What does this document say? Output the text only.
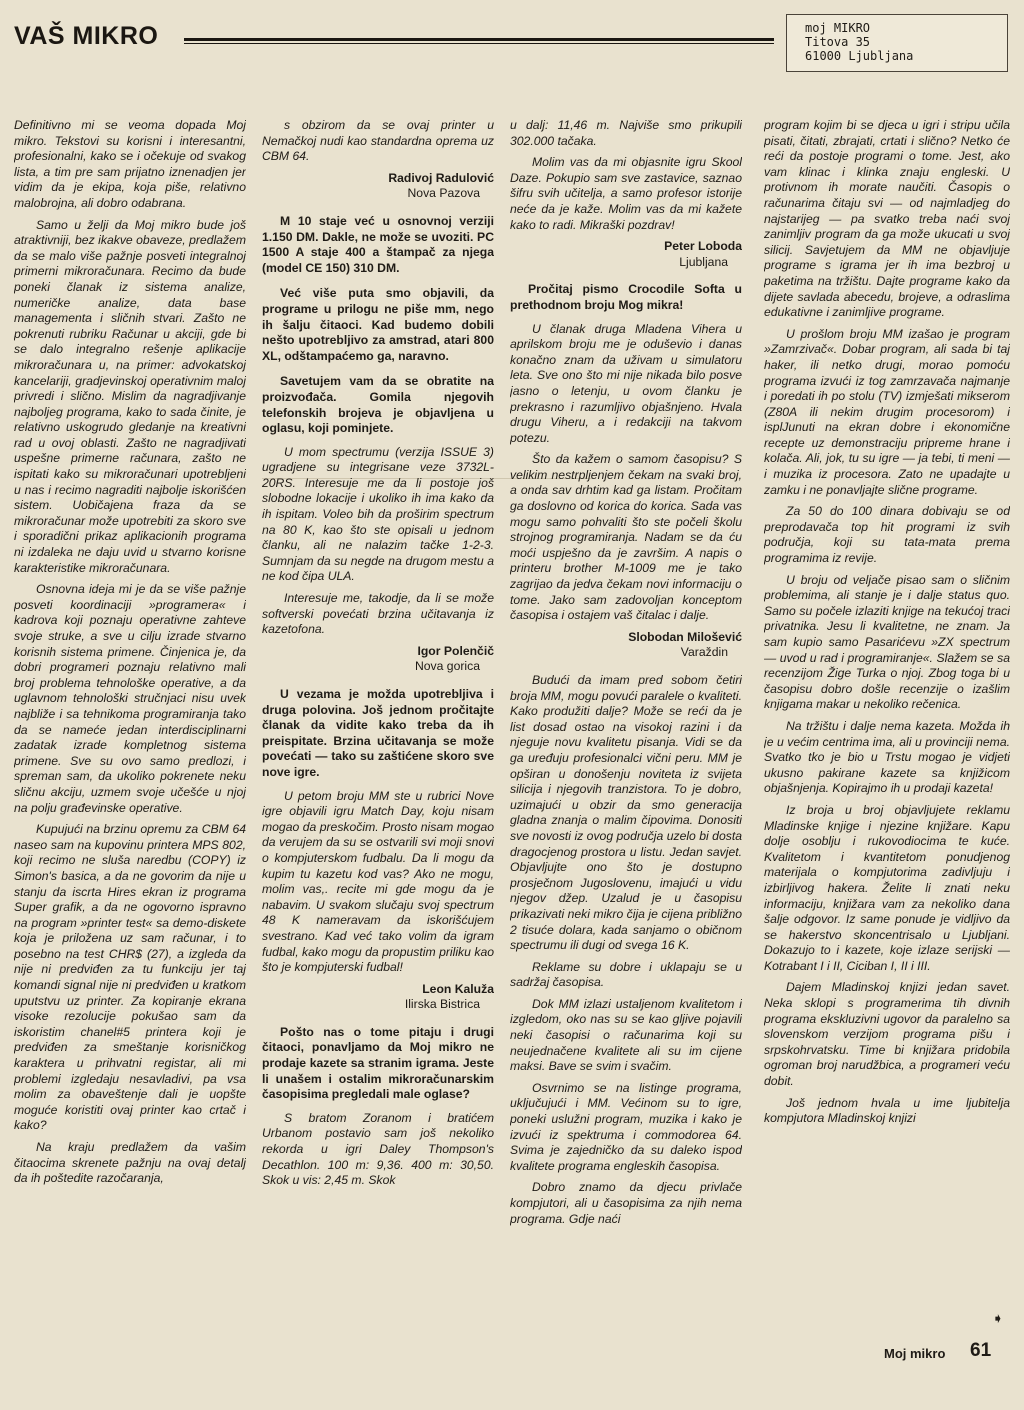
VAŠ MIKRO	moj MIKRO
Titova 35
61000 Ljubljana
Definitivno mi se veoma dopada Moj mikro. Tekstovi su korisni i interesantni, profesionalni, kako se i očekuje od svakog lista, a tim pre sam prijatno iznenadjen jer vidim da je ekipa, koja piše, relativno malobrojna, ali dobro odabrana.
Samo u želji da Moj mikro bude još atraktivniji, bez ikakve obaveze, predlažem da se malo više pažnje posveti integralnoj primerni mikroračunara. Recimo da bude poneki članak iz sistema analize, numeričke analize, data base managementa i sličnih stvari. Zašto ne pokrenuti rubriku Računar u akciji, gde bi se dalo integralno rešenje aplikacije mikroračunara u, na primer: advokatskoj kancelariji, gradjevinskoj operativnim maloj privredi i slično. Mislim da nagradjivanje najboljeg programa, kako to sada činite, je relativno uskogrudo gledanje na kreativni rad u ovoj oblasti. Zašto ne nagradjivati uspešne primerne računara, zašto ne ispitati kako su mikroračunari upotrebljeni u nas i recimo nagraditi najbolje iskorišćen sistem. Uobičajena fraza da se mikroračunar može upotrebiti za skoro sve i sporadični prikaz aplikacionih programa ni izdaleka ne daju uvid u stvarno korisne karakteristike mikroračunara.
Osnovna ideja mi je da se više pažnje posveti koordinaciji »programera« i kadrova koji poznaju operativne zahteve svoje struke, a sve u cilju izrade stvarno korisnih sistema primene. Činjenica je, da dobri programeri poznaju relativno mali broj problema tehnološke operative, a da uglavnom tehnološki stručnjaci nisu uvek najbliže i sa tehnikoma programiranja tako da se nameće jedan interdisciplinarni zadatak izrade kompletnog sistema primene. Sve su ovo samo predlozi, i spreman sam, da ukoliko pokrenete neku sličnu akciju, uzmem svoje učešće u njoj na polju građevinske operative.
Kupujući na brzinu opremu za CBM 64 naseo sam na kupovinu printera MPS 802, koji recimo ne sluša naredbu (COPY) iz Simon's basica, a da ne govorim da nije u stanju da iscrta Hires ekran iz programa Super grafik, a da ne ogovorno ispravno na program »printer test« sa demo-diskete koja je priložena uz sam računar, i to posebno na test CHR$ (27), a izgleda da nije ni predviđen za tu funkciju jer taj komandi signal nije ni predviđen u kratkom uputstvu uz printer. Za kopiranje ekrana visoke rezolucije pokušao sam da iskoristim chanel#5 printera koji je predviđen za smeštanje korisničkog karaktera u prihvatni registar, ali mi problemi izgledaju nesavladivi, pa vsa molim za obaveštenje dali je uopšte moguće koristiti ovaj printer kao crtač i kako?
Na kraju predlažem da vašim čitaocima skrenete pažnju na ovaj detalj da ih poštedite razočaranja,
s obzirom da se ovaj printer u Nemačkoj nudi kao standardna oprema uz CBM 64.
Radivoj Radulović
Nova Pazova
M 10 staje već u osnovnoj verziji 1.150 DM. Dakle, ne može se uvoziti. PC 1500 A staje 400 a štampač za njega (model CE 150) 310 DM.
Već više puta smo objavili, da programe u prilogu ne piše mm, nego ih šalju čitaoci. Kad budemo dobili nešto upotrebljivo za amstrad, atari 800 XL, odštampaćemo ga, naravno.
Savetujem vam da se obratite na proizvođača. Gomila njegovih telefonskih brojeva je objavljena u oglasu, koji pominjete.
U mom spectrumu (verzija ISSUE 3) ugradjene su integrisane veze 3732L-20RS. Interesuje me da li postoje još slobodne lokacije i ukoliko ih ima kako da ih ispitam. Voleo bih da proširim spectrum na 80 K, kao što ste opisali u jednom članku, ali ne nalazim tačke 1-2-3. Sumnjam da su negde na drugom mestu a ne kod čipa ULA.
Interesuje me, takodje, da li se može softverski povećati brzina učitavanja iz kazetofona.
Igor Polenčič
Nova gorica
U vezama je možda upotrebljiva i druga polovina. Još jednom pročitajte članak da vidite kako treba da ih preispitate. Brzina učitavanja se može povećati — tako su zaštićene skoro sve nove igre.
U petom broju MM ste u rubrici Nove igre objavili igru Match Day, koju nisam mogao da preskočim. Prosto nisam mogao da verujem da su se ostvarili svi moji snovi o kompjuterskom fudbalu. Da li mogu da kupim tu kazetu kod vas? Ako ne mogu, molim vas,. recite mi gde mogu da je nabavim. U svakom slučaju svoj spectrum 48 K nameravam da iskorišćujem svestrano. Kad već tako volim da igram fudbal, kako mogu da propustim priliku kao što je kompjuterski fudbal!
Leon Kaluža
Ilirska Bistrica
Pošto nas o tome pitaju i drugi čitaoci, ponavljamo da Moj mikro ne prodaje kazete sa stranim igrama. Jeste li unašem i ostalim mikroračunarskim časopisima pregledali male oglase?
S bratom Zoranom i bratićem Urbanom postavio sam još nekoliko rekorda u igri Daley Thompson's Decathlon. 100 m: 9,36. 400 m: 30,50. Skok u vis: 2,45 m. Skok
u dalj: 11,46 m. Najviše smo prikupili 302.000 tačaka.
Molim vas da mi objasnite igru Skool Daze. Pokupio sam sve zastavice, saznao šifru svih učitelja, a samo profesor istorije neće da je kaže. Molim vas da mi kažete kako to radi. Mikraški pozdrav!
Peter Loboda
Ljubljana
Pročitaj pismo Crocodile Softa u prethodnom broju Mog mikra!
U članak druga Mladena Vihera u aprilskom broju me je oduševio i danas konačno znam da uživam u simulatoru leta. Sve ono što mi nije nikada bilo posve jasno o letenju, u ovom članku je prekrasno i razumljivo objašnjeno. Hvala drugu Viheru, a i redakciji na takvom potezu.
Što da kažem o samom časopisu? S velikim nestrpljenjem čekam na svaki broj, a onda sav drhtim kad ga listam. Pročitam ga doslovno od korica do korica. Sada vas mogu samo pohvaliti što ste počeli školu strojnog programiranja. Nadam se da ću moći uspješno da je završim. A napis o printeru brother M-1009 me je tako zagrijao da jedva čekam novi informaciju o tome. Jako sam zadovoljan konceptom časopisa i ostajem vaš čitalac i dalje.
Slobodan Milošević
Varaždin
Budući da imam pred sobom četiri broja MM, mogu povući paralele o kvaliteti. Kako produžiti dalje? Može se reći da je list dosad ostao na visokoj razini i da njeguje novu kvalitetu pisanja. Vidi se da ga uređuju profesionalci vični peru. MM je opširan u donošenju noviteta iz svijeta silicija i njegovih tranzistora. To je dobro, uzimajući u obzir da smo generacija gladna znanja o malim čipovima. Donositi sve novosti iz ovog područja uzelo bi dosta dragocjenog prostora u listu. Jedan savjet. Objavljujte ono što je dostupno prosječnom Jugoslovenu, imajući u vidu njegov džep. Uzalud je u časopisu prikazivati neki mikro čija je cijena približno 2 tisuće dolara, kada sanjamo o običnom spectrumu ili dugi od svega 16 K.
Reklame su dobre i uklapaju se u sadržaj časopisa.
Dok MM izlazi ustaljenom kvalitetom i izgledom, oko nas su se kao gljive pojavili neki časopisi o računarima koji su neujednačene kvalitete ali su im cijene maksi. Bave se svim i svačim.
Osvrnimo se na listinge programa, uključujući i MM. Većinom su to igre, poneki uslužni program, muzika i kako je izvući iz spektruma i commodorea 64. Svima je zajedničko da su daleko ispod kvalitete programa engleskih časopisa.
Dobro znamo da djecu privlače kompjutori, ali u časopisima za njih nema programa. Gdje naći
program kojim bi se djeca u igri i stripu učila pisati, čitati, zbrajati, crtati i slično? Netko će reći da postoje programi o tome. Jest, ako vam klinac i klinka znaju engleski. U protivnom ih morate naučiti. Časopis o računarima čitaju svi — od najmladjeg do najstarijeg — pa svatko treba naći svoj zanimljiv program da ga može ukucati u svoj silicij. Savjetujem da MM ne objavljuje programe s igrama jer ih ima bezbroj u paketima na tržištu. Dajte programe kako da dijete savlada abecedu, brojeve, a odraslima edukativne i zanimljive programe.
U prošlom broju MM izašao je program »Zamrzivač«. Dobar program, ali sada bi taj haker, ili netko drugi, morao pomoću programa izvući iz tog zamrzavača najmanje i poredati ih po stolu (TV) izmješati mikserom (Z80A ili nekim drugim procesorom) i isplJunuti na ekran dobre i ekonomične recepte uz demonstraciju pripreme hrane i kolača. Ali, jok, tu su igre — ja tebi, ti meni — i muzika iz procesora. Zato ne upadajte u zamku i ne ponavljajte slične programe.
Za 50 do 100 dinara dobivaju se od preprodavača top hit programi iz svih područja, koji su tata-mata prema programima iz revije.
U broju od veljače pisao sam o sličnim problemima, ali stanje je i dalje status quo. Samo su počele izlaziti knjige na tekućoj traci privatnika. Jesu li kvalitetne, ne znam. Ja sam kupio samo Pasarićevu »ZX spectrum — uvod u rad i programiranje«. Slažem se sa recenzijom Žige Turka o njoj. Zbog toga bi u časopisu dobro došle recenzije o izašlim knjigama makar u nekoliko rečenica.
Na tržištu i dalje nema kazeta. Možda ih je u većim centrima ima, ali u provinciji nema. Svatko tko je bio u Trstu mogao je vidjeti ukusno pakirane kazete sa knjižicom objašnjenja. Kopirajmo ih u prodaji kazeta!
Iz broja u broj objavljujete reklamu Mladinske knjige i njezine knjižare. Kapu dolje osoblju i rukovodiocima te kuće. Kvalitetom i kvantitetom ponudjenog materijala o kompjutorima zadivljuju i izbirljivog hakera. Želite li znati neku informaciju, knjižara vam za nekoliko dana šalje odgovor. Iz same ponude je vidljivo da se hakerstvo skoncentrisalo u Ljubljani. Dokazujo to i kazete, koje izlaze serijski — Kotrabant I i II, Ciciban I, II i III.
Dajem Mladinskoj knjizi jedan savet. Neka sklopi s programerima tih divnih programa ekskluzivni ugovor da paralelno sa slovenskom verzijom programa pišu i srpskohrvatsku. Time bi knjižara pridobila ogroman broj narudžbica, a programeri veću dobit.
Još jednom hvala u ime ljubitelja kompjutora Mladinskoj knjizi
➧
Moj mikro 61
